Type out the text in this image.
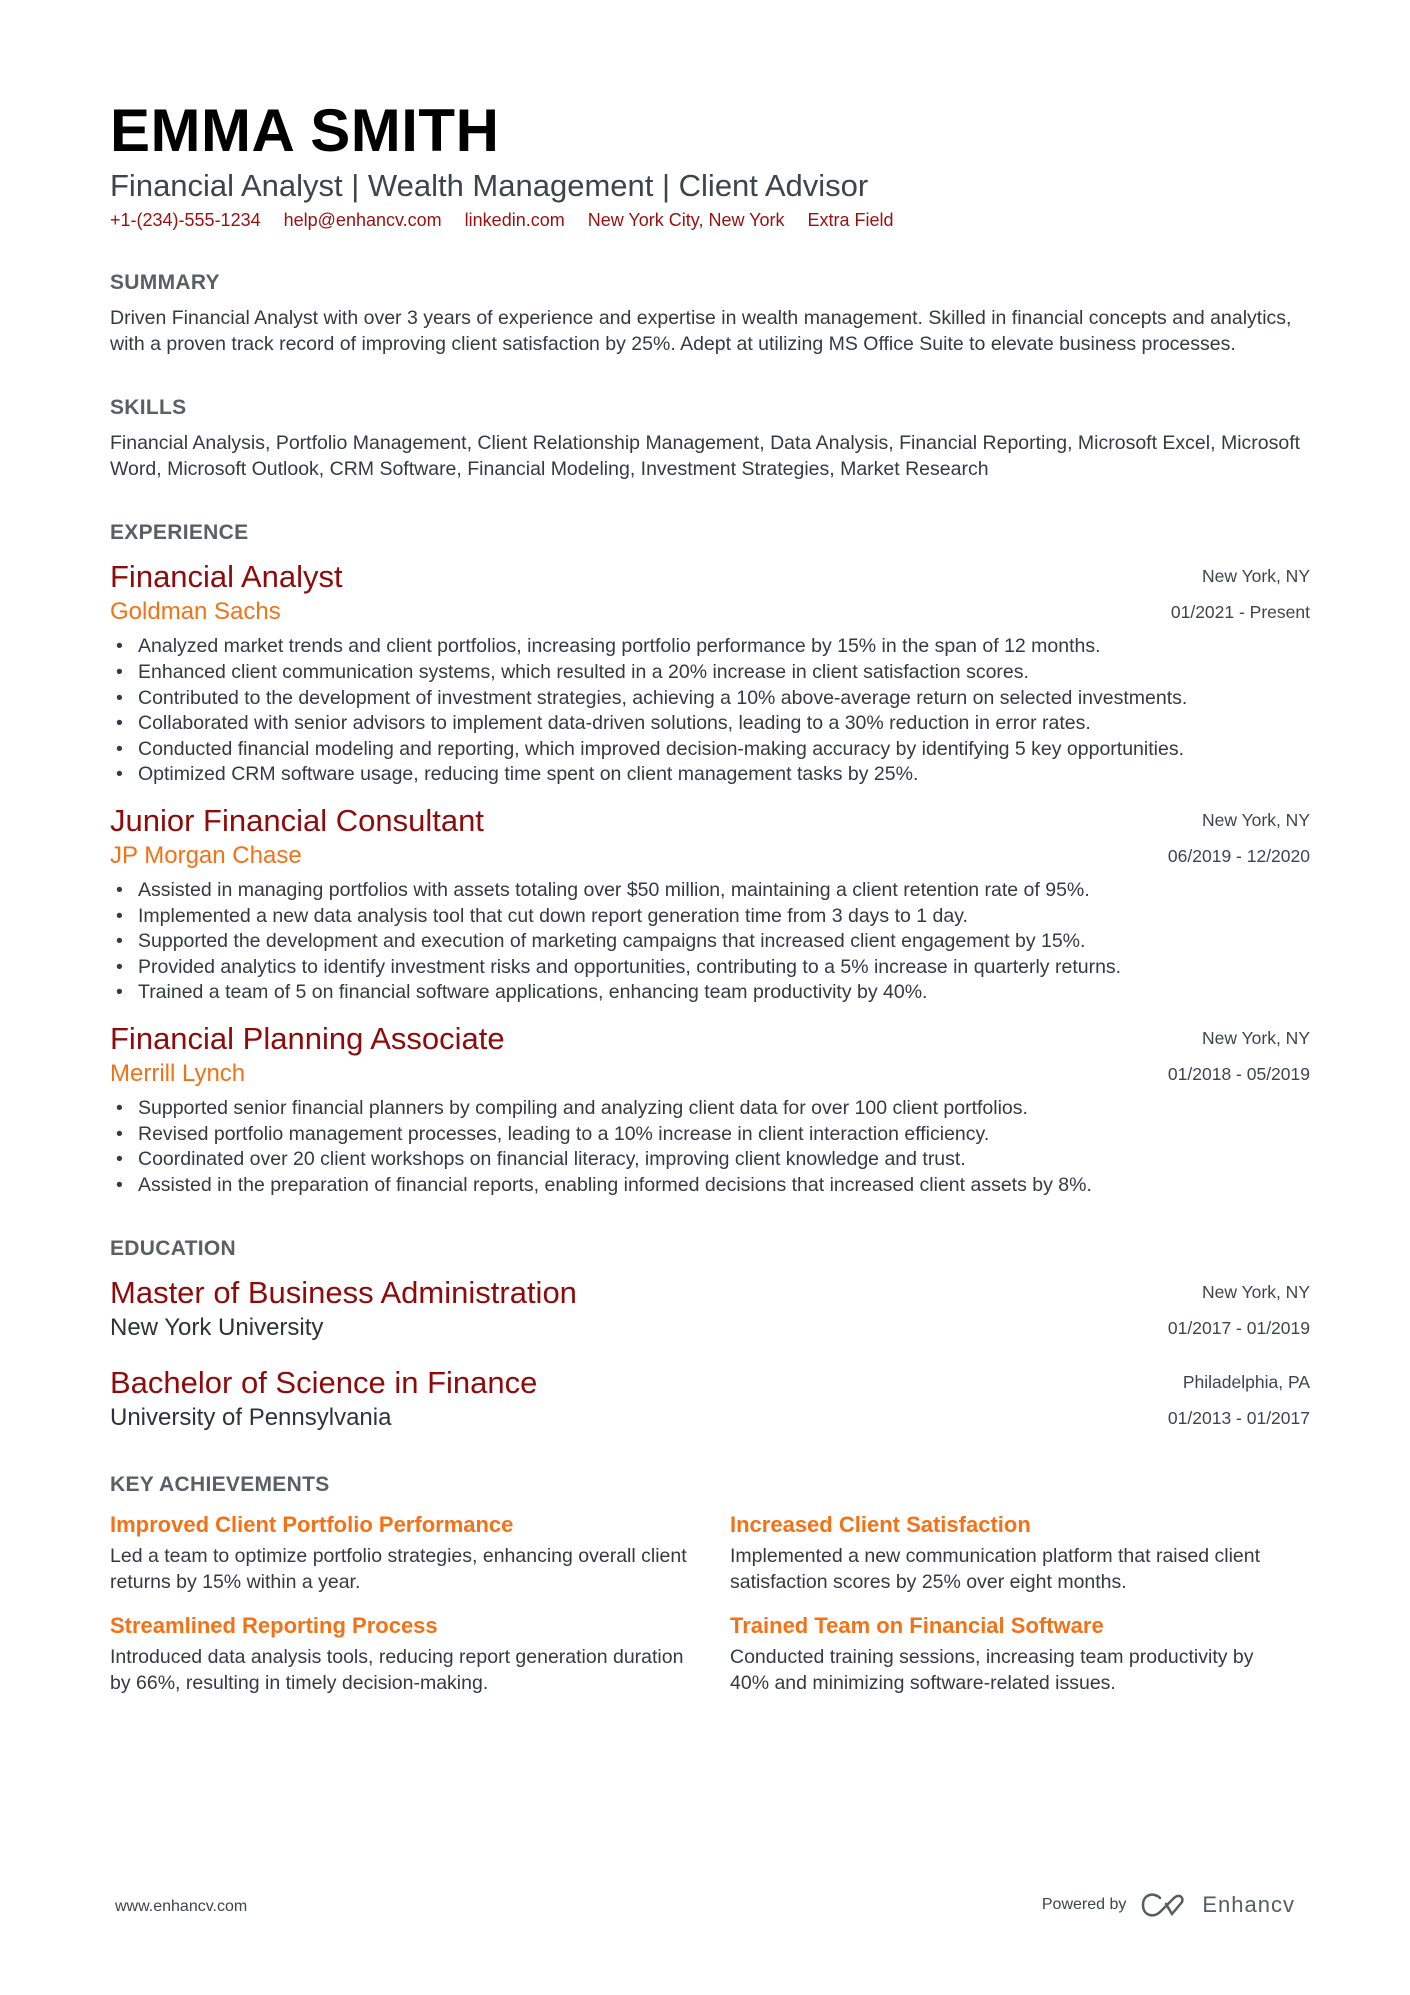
EMMA SMITH
Financial Analyst | Wealth Management | Client Advisor
+1-(234)-555-1234 help@enhancv.com linkedin.com New York City, New York Extra Field
SUMMARY
Driven Financial Analyst with over 3 years of experience and expertise in wealth management. Skilled in financial concepts and analytics, with a proven track record of improving client satisfaction by 25%. Adept at utilizing MS Office Suite to elevate business processes.
SKILLS
Financial Analysis, Portfolio Management, Client Relationship Management, Data Analysis, Financial Reporting, Microsoft Excel, Microsoft Word, Microsoft Outlook, CRM Software, Financial Modeling, Investment Strategies, Market Research
EXPERIENCE
Financial Analyst
Goldman Sachs
New York, NY
01/2021 - Present
• Analyzed market trends and client portfolios, increasing portfolio performance by 15% in the span of 12 months.
• Enhanced client communication systems, which resulted in a 20% increase in client satisfaction scores.
• Contributed to the development of investment strategies, achieving a 10% above-average return on selected investments.
• Collaborated with senior advisors to implement data-driven solutions, leading to a 30% reduction in error rates.
• Conducted financial modeling and reporting, which improved decision-making accuracy by identifying 5 key opportunities.
• Optimized CRM software usage, reducing time spent on client management tasks by 25%.
Junior Financial Consultant
JP Morgan Chase
New York, NY
06/2019 - 12/2020
• Assisted in managing portfolios with assets totaling over $50 million, maintaining a client retention rate of 95%.
• Implemented a new data analysis tool that cut down report generation time from 3 days to 1 day.
• Supported the development and execution of marketing campaigns that increased client engagement by 15%.
• Provided analytics to identify investment risks and opportunities, contributing to a 5% increase in quarterly returns.
• Trained a team of 5 on financial software applications, enhancing team productivity by 40%.
Financial Planning Associate
Merrill Lynch
New York, NY
01/2018 - 05/2019
• Supported senior financial planners by compiling and analyzing client data for over 100 client portfolios.
• Revised portfolio management processes, leading to a 10% increase in client interaction efficiency.
• Coordinated over 20 client workshops on financial literacy, improving client knowledge and trust.
• Assisted in the preparation of financial reports, enabling informed decisions that increased client assets by 8%.
EDUCATION
Master of Business Administration
New York University
New York, NY
01/2017 - 01/2019
Bachelor of Science in Finance
University of Pennsylvania
Philadelphia, PA
01/2013 - 01/2017
KEY ACHIEVEMENTS
Improved Client Portfolio Performance
Led a team to optimize portfolio strategies, enhancing overall client returns by 15% within a year.
Increased Client Satisfaction
Implemented a new communication platform that raised client satisfaction scores by 25% over eight months.
Streamlined Reporting Process
Introduced data analysis tools, reducing report generation duration by 66%, resulting in timely decision-making.
Trained Team on Financial Software
Conducted training sessions, increasing team productivity by 40% and minimizing software-related issues.
www.enhancv.com	Powered by	Enhancv
